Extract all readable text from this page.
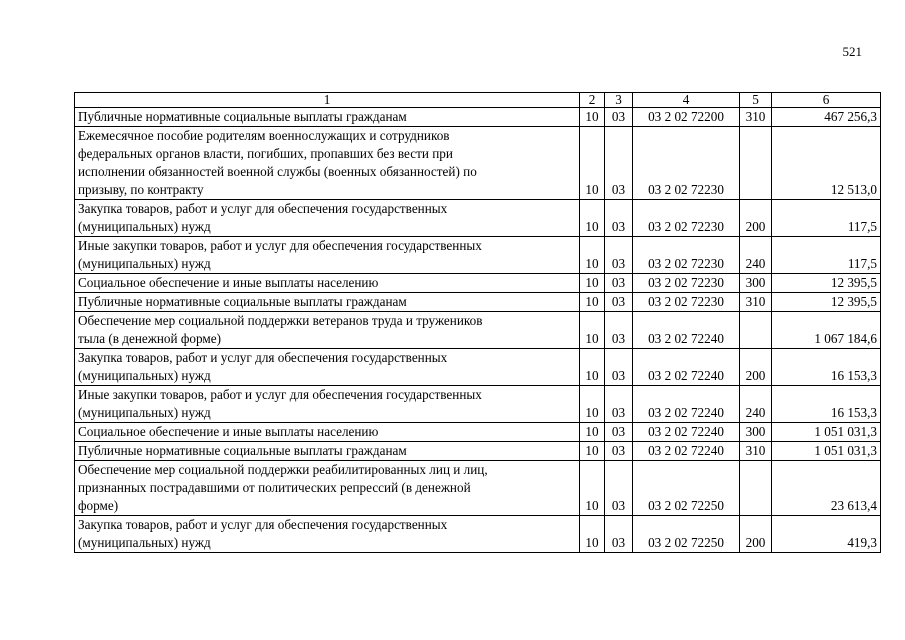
521
1	2	3	4	5	6

Публичные нормативные социальные выплаты гражданам	10	03	03 2 02 72200	310	467 256,3

Ежемесячное пособие родителям военнослужащих и сотрудников
федеральных органов власти, погибших, пропавших без вести при
исполнении обязанностей военной службы (военных обязанностей) по
призыву, по контракту	10	03	03 2 02 72230		12 513,0

Закупка товаров, работ и услуг для обеспечения государственных
(муниципальных) нужд	10	03	03 2 02 72230	200	117,5

Иные закупки товаров, работ и услуг для обеспечения государственных
(муниципальных) нужд	10	03	03 2 02 72230	240	117,5

Социальное обеспечение и иные выплаты населению	10	03	03 2 02 72230	300	12 395,5

Публичные нормативные социальные выплаты гражданам	10	03	03 2 02 72230	310	12 395,5

Обеспечение мер социальной поддержки ветеранов труда и тружеников
тыла (в денежной форме)	10	03	03 2 02 72240		1 067 184,6

Закупка товаров, работ и услуг для обеспечения государственных
(муниципальных) нужд	10	03	03 2 02 72240	200	16 153,3

Иные закупки товаров, работ и услуг для обеспечения государственных
(муниципальных) нужд	10	03	03 2 02 72240	240	16 153,3

Социальное обеспечение и иные выплаты населению	10	03	03 2 02 72240	300	1 051 031,3

Публичные нормативные социальные выплаты гражданам	10	03	03 2 02 72240	310	1 051 031,3

Обеспечение мер социальной поддержки реабилитированных лиц и лиц,
признанных пострадавшими от политических репрессий (в денежной
форме)	10	03	03 2 02 72250		23 613,4

Закупка товаров, работ и услуг для обеспечения государственных
(муниципальных) нужд	10	03	03 2 02 72250	200	419,3
